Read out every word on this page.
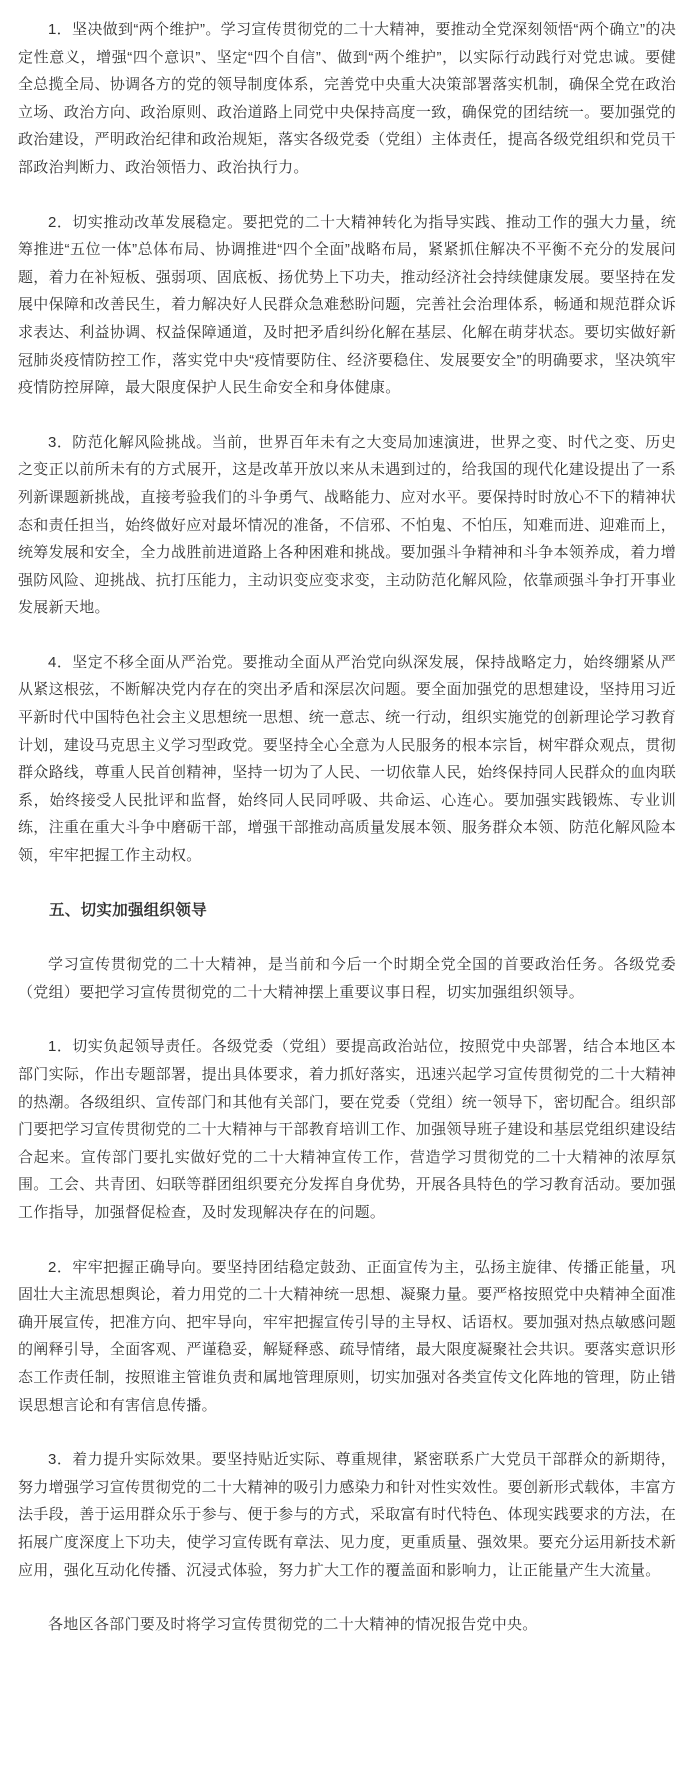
1．坚决做到“两个维护”。学习宣传贯彻党的二十大精神，要推动全党深刻领悟“两个确立”的决定性意义，增强“四个意识”、坚定“四个自信”、做到“两个维护”，以实际行动践行对党忠诚。要健全总揽全局、协调各方的党的领导制度体系，完善党中央重大决策部署落实机制，确保全党在政治立场、政治方向、政治原则、政治道路上同党中央保持高度一致，确保党的团结统一。要加强党的政治建设，严明政治纪律和政治规矩，落实各级党委（党组）主体责任，提高各级党组织和党员干部政治判断力、政治领悟力、政治执行力。

2．切实推动改革发展稳定。要把党的二十大精神转化为指导实践、推动工作的强大力量，统筹推进“五位一体”总体布局、协调推进“四个全面”战略布局，紧紧抓住解决不平衡不充分的发展问题，着力在补短板、强弱项、固底板、扬优势上下功夫，推动经济社会持续健康发展。要坚持在发展中保障和改善民生，着力解决好人民群众急难愁盼问题，完善社会治理体系，畅通和规范群众诉求表达、利益协调、权益保障通道，及时把矛盾纠纷化解在基层、化解在萌芽状态。要切实做好新冠肺炎疫情防控工作，落实党中央“疫情要防住、经济要稳住、发展要安全”的明确要求，坚决筑牢疫情防控屏障，最大限度保护人民生命安全和身体健康。

3．防范化解风险挑战。当前，世界百年未有之大变局加速演进，世界之变、时代之变、历史之变正以前所未有的方式展开，这是改革开放以来从未遇到过的，给我国的现代化建设提出了一系列新课题新挑战，直接考验我们的斗争勇气、战略能力、应对水平。要保持时时放心不下的精神状态和责任担当，始终做好应对最坏情况的准备，不信邪、不怕鬼、不怕压，知难而进、迎难而上，统筹发展和安全，全力战胜前进道路上各种困难和挑战。要加强斗争精神和斗争本领养成，着力增强防风险、迎挑战、抗打压能力，主动识变应变求变，主动防范化解风险，依靠顽强斗争打开事业发展新天地。

4．坚定不移全面从严治党。要推动全面从严治党向纵深发展，保持战略定力，始终绷紧从严从紧这根弦，不断解决党内存在的突出矛盾和深层次问题。要全面加强党的思想建设，坚持用习近平新时代中国特色社会主义思想统一思想、统一意志、统一行动，组织实施党的创新理论学习教育计划，建设马克思主义学习型政党。要坚持全心全意为人民服务的根本宗旨，树牢群众观点，贯彻群众路线，尊重人民首创精神，坚持一切为了人民、一切依靠人民，始终保持同人民群众的血肉联系，始终接受人民批评和监督，始终同人民同呼吸、共命运、心连心。要加强实践锻炼、专业训练，注重在重大斗争中磨砺干部，增强干部推动高质量发展本领、服务群众本领、防范化解风险本领，牢牢把握工作主动权。

五、切实加强组织领导

学习宣传贯彻党的二十大精神，是当前和今后一个时期全党全国的首要政治任务。各级党委（党组）要把学习宣传贯彻党的二十大精神摆上重要议事日程，切实加强组织领导。

1．切实负起领导责任。各级党委（党组）要提高政治站位，按照党中央部署，结合本地区本部门实际，作出专题部署，提出具体要求，着力抓好落实，迅速兴起学习宣传贯彻党的二十大精神的热潮。各级组织、宣传部门和其他有关部门，要在党委（党组）统一领导下，密切配合。组织部门要把学习宣传贯彻党的二十大精神与干部教育培训工作、加强领导班子建设和基层党组织建设结合起来。宣传部门要扎实做好党的二十大精神宣传工作，营造学习贯彻党的二十大精神的浓厚氛围。工会、共青团、妇联等群团组织要充分发挥自身优势，开展各具特色的学习教育活动。要加强工作指导，加强督促检查，及时发现解决存在的问题。

2．牢牢把握正确导向。要坚持团结稳定鼓劲、正面宣传为主，弘扬主旋律、传播正能量，巩固壮大主流思想舆论，着力用党的二十大精神统一思想、凝聚力量。要严格按照党中央精神全面准确开展宣传，把准方向、把牢导向，牢牢把握宣传引导的主导权、话语权。要加强对热点敏感问题的阐释引导，全面客观、严谨稳妥，解疑释惑、疏导情绪，最大限度凝聚社会共识。要落实意识形态工作责任制，按照谁主管谁负责和属地管理原则，切实加强对各类宣传文化阵地的管理，防止错误思想言论和有害信息传播。

3．着力提升实际效果。要坚持贴近实际、尊重规律，紧密联系广大党员干部群众的新期待，努力增强学习宣传贯彻党的二十大精神的吸引力感染力和针对性实效性。要创新形式载体，丰富方法手段，善于运用群众乐于参与、便于参与的方式，采取富有时代特色、体现实践要求的方法，在拓展广度深度上下功夫，使学习宣传既有章法、见力度，更重质量、强效果。要充分运用新技术新应用，强化互动化传播、沉浸式体验，努力扩大工作的覆盖面和影响力，让正能量产生大流量。

各地区各部门要及时将学习宣传贯彻党的二十大精神的情况报告党中央。
